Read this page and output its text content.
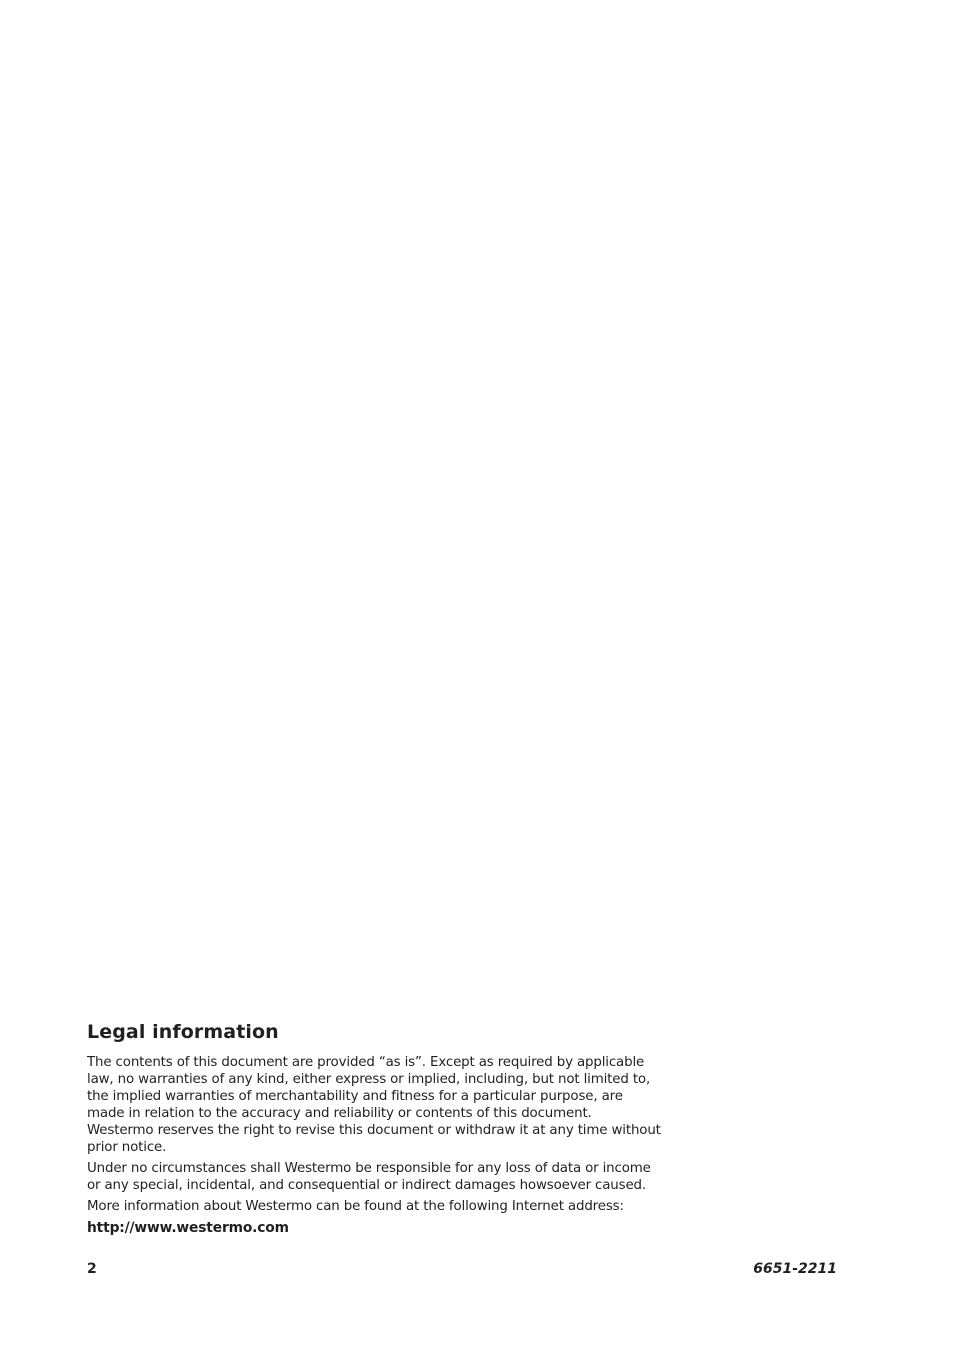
Legal information

The contents of this document are provided “as is”. Except as required by applicable law, no warranties of any kind, either express or implied, including, but not limited to, the implied warranties of merchantability and fitness for a particular purpose, are made in relation to the accuracy and reliability or contents of this document. Westermo reserves the right to revise this document or withdraw it at any time without prior notice.

Under no circumstances shall Westermo be responsible for any loss of data or income or any special, incidental, and consequential or indirect damages howsoever caused.

More information about Westermo can be found at the following Internet address:

http://www.westermo.com

2	6651-2211
